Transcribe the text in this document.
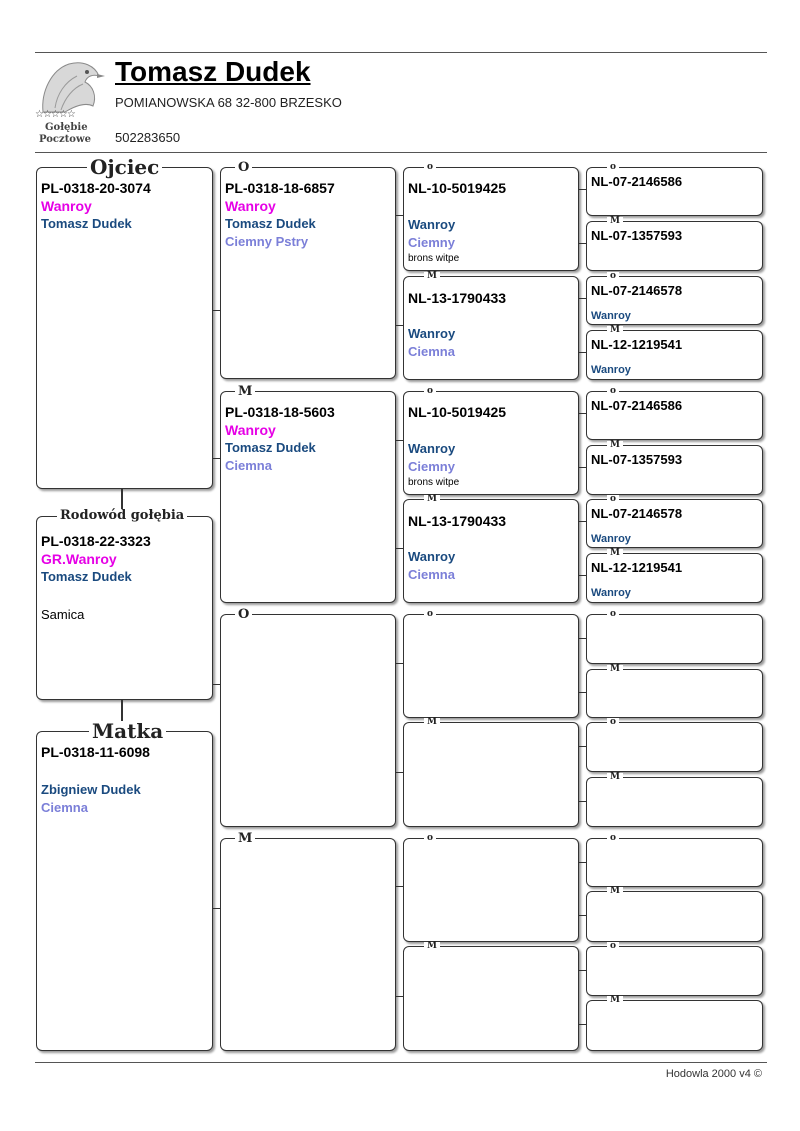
☆☆☆☆☆
Gołębie
Pocztowe
Tomasz Dudek
POMIANOWSKA 68 32-800 BRZESKO
502283650
Ojciec
PL-0318-20-3074
Wanroy
Tomasz Dudek
Rodowód gołębia
PL-0318-22-3323
GR.Wanroy
Tomasz Dudek
Samica
Matka
PL-0318-11-6098
Zbigniew Dudek
Ciemna
O
PL-0318-18-6857
Wanroy
Tomasz Dudek
Ciemny Pstry
M
PL-0318-18-5603
Wanroy
Tomasz Dudek
Ciemna
O
M
o
NL-10-5019425
Wanroy
Ciemny
brons witpe
M
NL-13-1790433
Wanroy
Ciemna
o
NL-10-5019425
Wanroy
Ciemny
brons witpe
M
NL-13-1790433
Wanroy
Ciemna
o
M
o
M
o
NL-07-2146586
M
NL-07-1357593
o
NL-07-2146578
Wanroy
M
NL-12-1219541
Wanroy
o
NL-07-2146586
M
NL-07-1357593
o
NL-07-2146578
Wanroy
M
NL-12-1219541
Wanroy
o
M
o
M
o
M
o
M
Hodowla 2000 v4 ©
